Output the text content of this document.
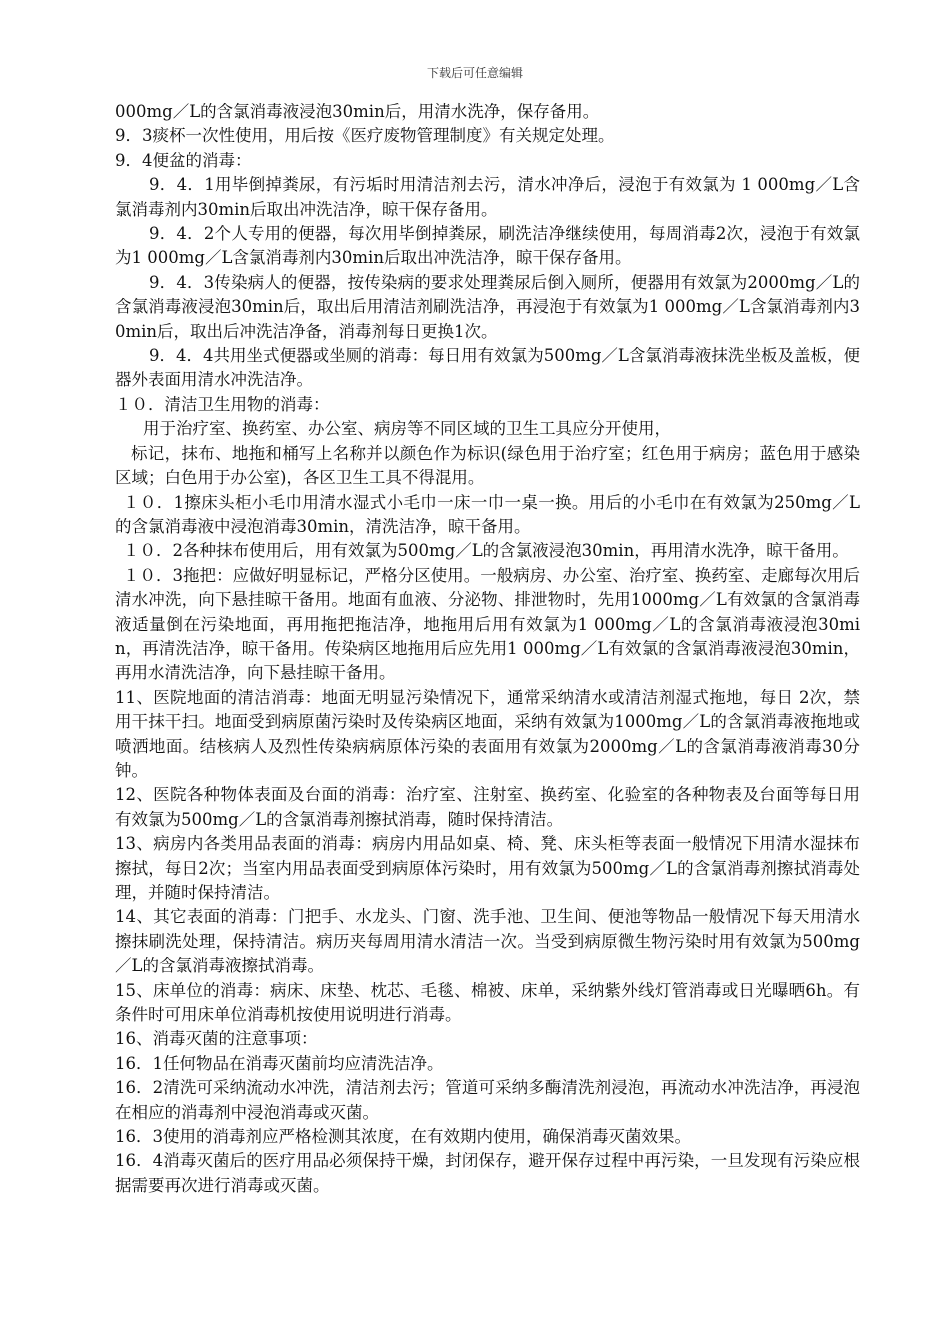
下载后可任意编辑

000mg／L的含氯消毒液浸泡30min后，用清水洗净，保存备用。

9．3痰杯一次性使用，用后按《医疗废物管理制度》有关规定处理。

9．4便盆的消毒：

9．4．1用毕倒掉粪尿，有污垢时用清洁剂去污，清水冲净后，浸泡于有效氯为 1 000mg／L含氯消毒剂内30min后取出冲洗洁净，晾干保存备用。

9．4．2个人专用的便器，每次用毕倒掉粪尿，刷洗洁净继续使用，每周消毒2次，浸泡于有效氯为1 000mg／L含氯消毒剂内30min后取出冲洗洁净，晾干保存备用。

9．4．3传染病人的便器，按传染病的要求处理粪尿后倒入厕所，便器用有效氯为2000mg／L的含氯消毒液浸泡30min后，取出后用清洁剂刷洗洁净，再浸泡于有效氯为1 000mg／L含氯消毒剂内30min后，取出后冲洗洁净备，消毒剂每日更换1次。

9．4．4共用坐式便器或坐厕的消毒：每日用有效氯为500mg／L含氯消毒液抹洗坐板及盖板，便器外表面用清水冲洗洁净。

１０．清洁卫生用物的消毒：

用于治疗室、换药室、办公室、病房等不同区域的卫生工具应分开使用，

标记，抹布、地拖和桶写上名称并以颜色作为标识(绿色用于治疗室；红色用于病房；蓝色用于感染区域；白色用于办公室)，各区卫生工具不得混用。

１０．1擦床头柜小毛巾用清水湿式小毛巾一床一巾一桌一换。用后的小毛巾在有效氯为250mg／L的含氯消毒液中浸泡消毒30min，清洗洁净，晾干备用。

１０．2各种抹布使用后，用有效氯为500mg／L的含氯液浸泡30min，再用清水洗净，晾干备用。

１０．3拖把：应做好明显标记，严格分区使用。一般病房、办公室、治疗室、换药室、走廊每次用后清水冲洗，向下悬挂晾干备用。地面有血液、分泌物、排泄物时，先用1000mg／L有效氯的含氯消毒液适量倒在污染地面，再用拖把拖洁净，地拖用后用有效氯为1 000mg／L的含氯消毒液浸泡30min，再清洗洁净，晾干备用。传染病区地拖用后应先用1 000mg／L有效氯的含氯消毒液浸泡30min，再用水清洗洁净，向下悬挂晾干备用。

11、医院地面的清洁消毒：地面无明显污染情况下，通常采纳清水或清洁剂湿式拖地，每日 2次，禁用干抹干扫。地面受到病原菌污染时及传染病区地面，采纳有效氯为1000mg／L的含氯消毒液拖地或喷洒地面。结核病人及烈性传染病病原体污染的表面用有效氯为2000mg／L的含氯消毒液消毒30分钟。

12、医院各种物体表面及台面的消毒：治疗室、注射室、换药室、化验室的各种物表及台面等每日用有效氯为500mg／L的含氯消毒剂擦拭消毒，随时保持清洁。

13、病房内各类用品表面的消毒：病房内用品如桌、椅、凳、床头柜等表面一般情况下用清水湿抹布擦拭，每日2次；当室内用品表面受到病原体污染时，用有效氯为500mg／L的含氯消毒剂擦拭消毒处理，并随时保持清洁。

14、其它表面的消毒：门把手、水龙头、门窗、洗手池、卫生间、便池等物品一般情况下每天用清水擦抹刷洗处理，保持清洁。病历夹每周用清水清洁一次。当受到病原微生物污染时用有效氯为500mg／L的含氯消毒液擦拭消毒。

15、床单位的消毒：病床、床垫、枕芯、毛毯、棉被、床单，采纳紫外线灯管消毒或日光曝晒6h。有条件时可用床单位消毒机按使用说明进行消毒。

16、消毒灭菌的注意事项：

16．1任何物品在消毒灭菌前均应清洗洁净。

16．2清洗可采纳流动水冲洗，清洁剂去污；管道可采纳多酶清洗剂浸泡，再流动水冲洗洁净，再浸泡在相应的消毒剂中浸泡消毒或灭菌。

16．3使用的消毒剂应严格检测其浓度，在有效期内使用，确保消毒灭菌效果。

16．4消毒灭菌后的医疗用品必须保持干燥，封闭保存，避开保存过程中再污染，一旦发现有污染应根据需要再次进行消毒或灭菌。
